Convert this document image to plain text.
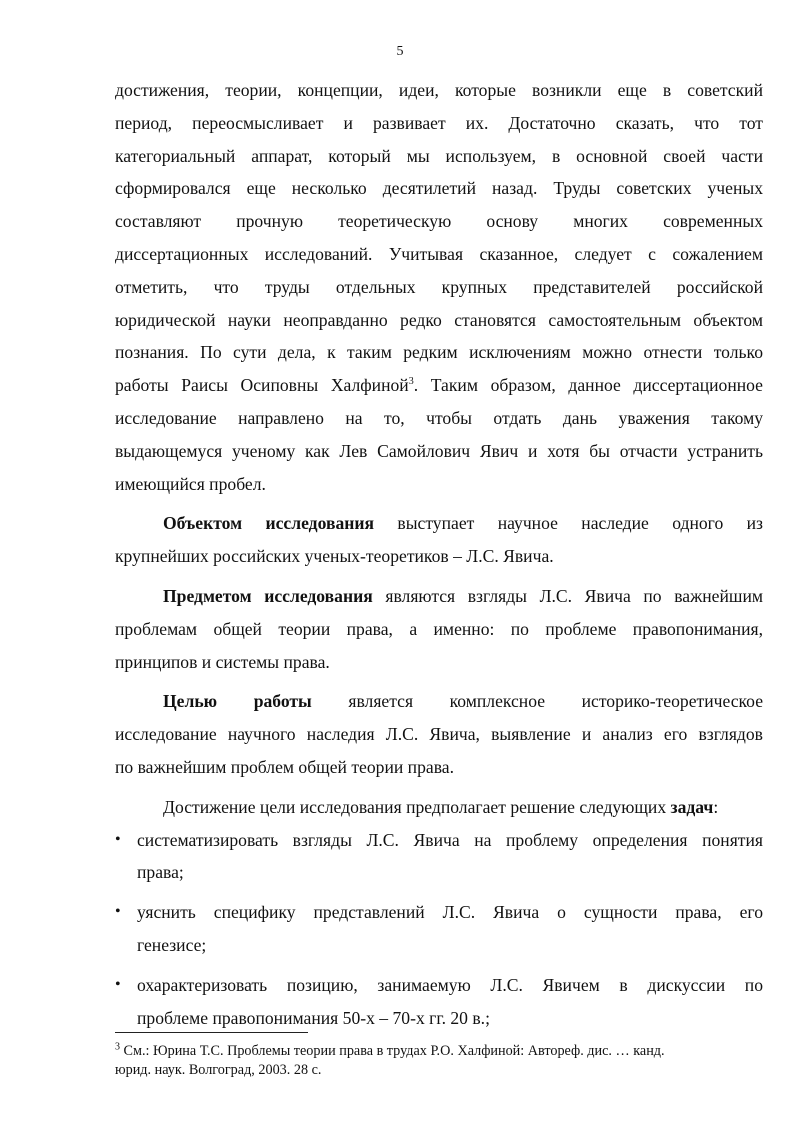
5
достижения, теории, концепции, идеи, которые возникли еще в советский
период, переосмысливает и развивает их. Достаточно сказать, что тот
категориальный аппарат, который мы используем, в основной своей части
сформировался еще несколько десятилетий назад. Труды советских ученых
составляют прочную теоретическую основу многих современных
диссертационных исследований. Учитывая сказанное, следует с сожалением
отметить, что труды отдельных крупных представителей российской
юридической науки неоправданно редко становятся самостоятельным объектом
познания. По сути дела, к таким редким исключениям можно отнести только
работы Раисы Осиповны Халфиной$^3$. Таким образом, данное диссертационное
исследование направлено на то, чтобы отдать дань уважения такому
выдающемуся ученому как Лев Самойлович Явич и хотя бы отчасти устранить
имеющийся пробел.
Объектом исследования выступает научное наследие одного из
крупнейших российских ученых-теоретиков – Л.С. Явича.
Предметом исследования являются взгляды Л.С. Явича по важнейшим
проблемам общей теории права, а именно: по проблеме правопонимания,
принципов и системы права.
Целью работы является комплексное историко-теоретическое
исследование научного наследия Л.С. Явича, выявление и анализ его взглядов
по важнейшим проблем общей теории права.
Достижение цели исследования предполагает решение следующих задач:
• систематизировать взгляды Л.С. Явича на проблему определения понятия
права;
• уяснить специфику представлений Л.С. Явича о сущности права, его
генезисе;
• охарактеризовать позицию, занимаемую Л.С. Явичем в дискуссии по
проблеме правопонимания 50-х – 70-х гг. 20 в.;
$^3$ См.: Юрина Т.С. Проблемы теории права в трудах Р.О. Халфиной: Автореф. дис. … канд.
юрид. наук. Волгоград, 2003. 28 с.
